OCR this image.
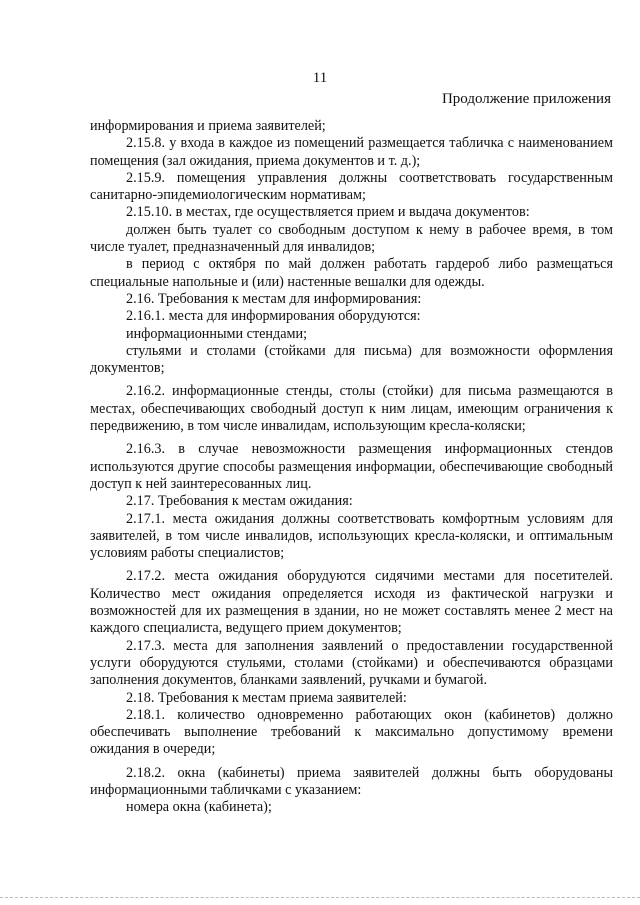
11
Продолжение приложения

информирования и приема заявителей;

2.15.8. у входа в каждое из помещений размещается табличка с наименованием помещения (зал ожидания, приема документов и т. д.);

2.15.9. помещения управления должны соответствовать государственным санитарно-эпидемиологическим нормативам;

2.15.10. в местах, где осуществляется прием и выдача документов:

должен быть туалет со свободным доступом к нему в рабочее время, в том числе туалет, предназначенный для инвалидов;

в период с октября по май должен работать гардероб либо размещаться специальные напольные и (или) настенные вешалки для одежды.

2.16. Требования к местам для информирования:

2.16.1. места для информирования оборудуются:

информационными стендами;

стульями и столами (стойками для письма) для возможности оформления документов;

2.16.2. информационные стенды, столы (стойки) для письма размещаются в местах, обеспечивающих свободный доступ к ним лицам, имеющим ограничения к передвижению, в том числе инвалидам, использующим кресла-коляски;

2.16.3. в случае невозможности размещения информационных стендов используются другие способы размещения информации, обеспечивающие свободный доступ к ней заинтересованных лиц.

2.17. Требования к местам ожидания:

2.17.1. места ожидания должны соответствовать комфортным условиям для заявителей, в том числе инвалидов, использующих кресла-коляски, и оптимальным условиям работы специалистов;

2.17.2. места ожидания оборудуются сидячими местами для посетителей. Количество мест ожидания определяется исходя из фактической нагрузки и возможностей для их размещения в здании, но не может составлять менее 2 мест на каждого специалиста, ведущего прием документов;

2.17.3. места для заполнения заявлений о предоставлении государственной услуги оборудуются стульями, столами (стойками) и обеспечиваются образцами заполнения документов, бланками заявлений, ручками и бумагой.

2.18. Требования к местам приема заявителей:

2.18.1. количество одновременно работающих окон (кабинетов) должно обеспечивать выполнение требований к максимально допустимому времени ожидания в очереди;

2.18.2. окна (кабинеты) приема заявителей должны быть оборудованы информационными табличками с указанием:

номера окна (кабинета);
